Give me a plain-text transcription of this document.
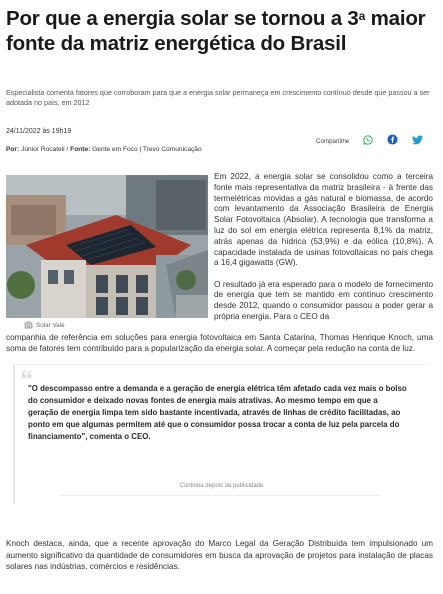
Por que a energia solar se tornou a 3$^a$ maior fonte da matriz energética do Brasil

Especialista comenta fatores que corroboram para que a energia solar permaneça em crescimento contínuo desde que passou a ser adotada no país, em 2012

24/11/2022 às 19h19
Por: Júnior Rocateli / Fonte: Gente em Foco | Trevo Comunicação
Compartilhe
Solar Vale

Em 2022, a energia solar se consolidou como a terceira fonte mais representativa da matriz brasileira - à frente das termelétricas movidas a gás natural e biomassa, de acordo com levantamento da Associação Brasileira de Energia Solar Fotovoltaica (Absolar). A tecnologia que transforma a luz do sol em energia elétrica representa 8,1% da matriz, atrás apenas da hídrica (53,9%) e da eólica (10,8%). A capacidade instalada de usinas fotovoltaicas no país chega a 16,4 gigawatts (GW).

O resultado já era esperado para o modelo de fornecimento de energia que tem se mantido em contínuo crescimento desde 2012, quando o consumidor passou a poder gerar a própria energia. Para o CEO da

companhia de referência em soluções para energia fotovoltaica em Santa Catarina, Thomas Henrique Knoch, uma soma de fatores tem contribuído para a popularização da energia solar. A começar pela redução na conta de luz.

"O descompasso entre a demanda e a geração de energia elétrica têm afetado cada vez mais o bolso do consumidor e deixado novas fontes de energia mais atrativas. Ao mesmo tempo em que a geração de energia limpa tem sido bastante incentivada, através de linhas de crédito facilitadas, ao ponto em que algumas permitem até que o consumidor possa trocar a conta de luz pela parcela do financiamento", comenta o CEO.

Continua depois da publicidade

Knoch destaca, ainda, que a recente aprovação do Marco Legal da Geração Distribuída tem impulsionado um aumento significativo da quantidade de consumidores em busca da aprovação de projetos para instalação de placas solares nas indústrias, comércios e residências.
